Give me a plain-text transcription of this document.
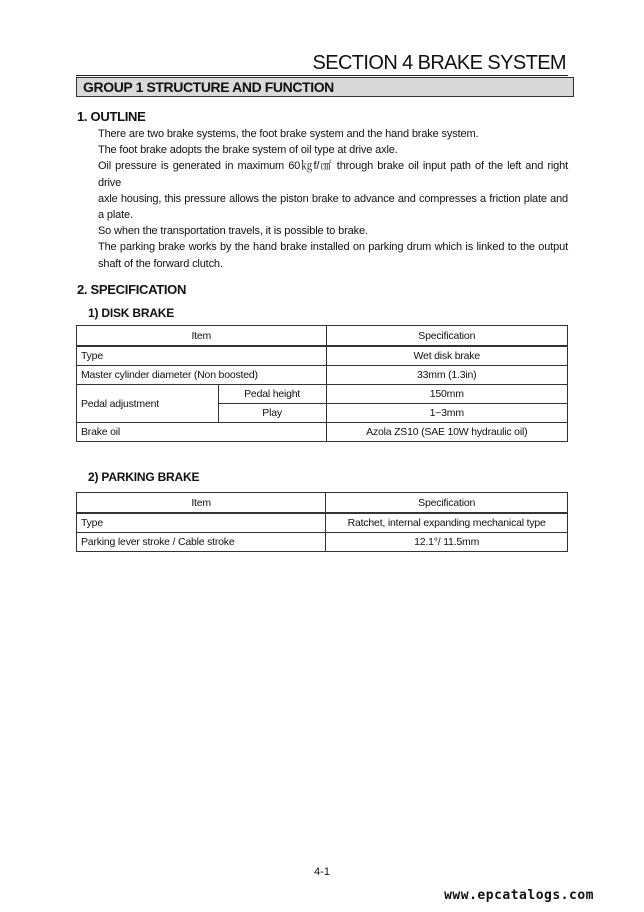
SECTION 4 BRAKE SYSTEM
GROUP 1 STRUCTURE AND FUNCTION
1. OUTLINE

There are two brake systems, the foot brake system and the hand brake system.

The foot brake adopts the brake system of oil type at drive axle.

Oil pressure is generated in maximum 60㎏f/㎠ through brake oil input path of the left and right drive

axle housing, this pressure allows the piston brake to advance and compresses a friction plate and

a plate.

So when the transportation travels, it is possible to brake.

The parking brake works by the hand brake installed on parking drum which is linked to the output

shaft of the forward clutch.

2. SPECIFICATION
1) DISK BRAKE
Item		Specification
Type		Wet disk brake
Master cylinder diameter (Non boosted)		33mm (1.3in)
Pedal adjustment	Pedal height	150mm
	Play	1~3mm
Brake oil		Azola ZS10 (SAE 10W hydraulic oil)
2) PARKING BRAKE
Item	Specification
Type	Ratchet, internal expanding mechanical type
Parking lever stroke / Cable stroke	12.1°/ 11.5mm
4-1
www.epcatalogs.com
